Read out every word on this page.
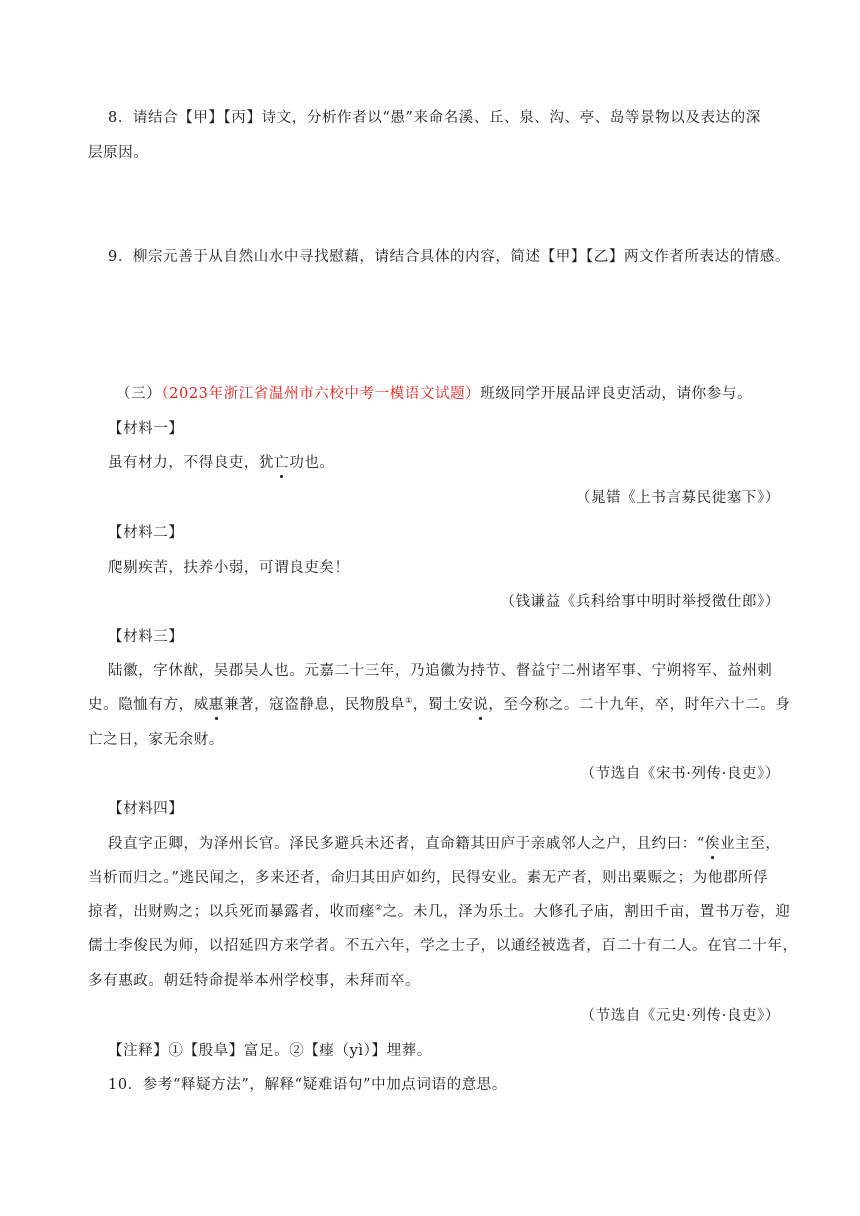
8．请结合【甲】【丙】诗文，分析作者以“愚”来命名溪、丘、泉、沟、亭、岛等景物以及表达的深
层原因。
9．柳宗元善于从自然山水中寻找慰藉，请结合具体的内容，简述【甲】【乙】两文作者所表达的情感。
（三）（2023年浙江省温州市六校中考一模语文试题）班级同学开展品评良吏活动，请你参与。
【材料一】
虽有材力，不得良吏，犹亡功也。
（晁错《上书言募民徙塞下》）
【材料二】
爬剔疾苦，扶养小弱，可谓良吏矣！
（钱谦益《兵科给事中明时举授徵仕郎》）
【材料三】
陆徽，字休猷，吴郡吴人也。元嘉二十三年，乃追徽为持节、督益宁二州诸军事、宁朔将军、益州刺
史。隐恤有方，威惠兼著，寇盗静息，民物殷阜①，蜀土安说，至今称之。二十九年，卒，时年六十二。身
亡之日，家无余财。
（节选自《宋书·列传·良吏》）
【材料四】
段直字正卿，为泽州长官。泽民多避兵未还者，直命籍其田庐于亲戚邻人之户，且约曰：“俟业主至，
当析而归之。”逃民闻之，多来还者，命归其田庐如约，民得安业。素无产者，则出粟赈之；为他郡所俘
掠者，出财购之；以兵死而暴露者，收而瘗②之。未几，泽为乐土。大修孔子庙，割田千亩，置书万卷，迎
儒士李俊民为师，以招延四方来学者。不五六年，学之士子，以通经被选者，百二十有二人。在官二十年，
多有惠政。朝廷特命提举本州学校事，未拜而卒。
（节选自《元史·列传·良吏》）
【注释】①【殷阜】富足。②【瘗（yì）】埋葬。
10．参考“释疑方法”，解释“疑难语句”中加点词语的意思。
